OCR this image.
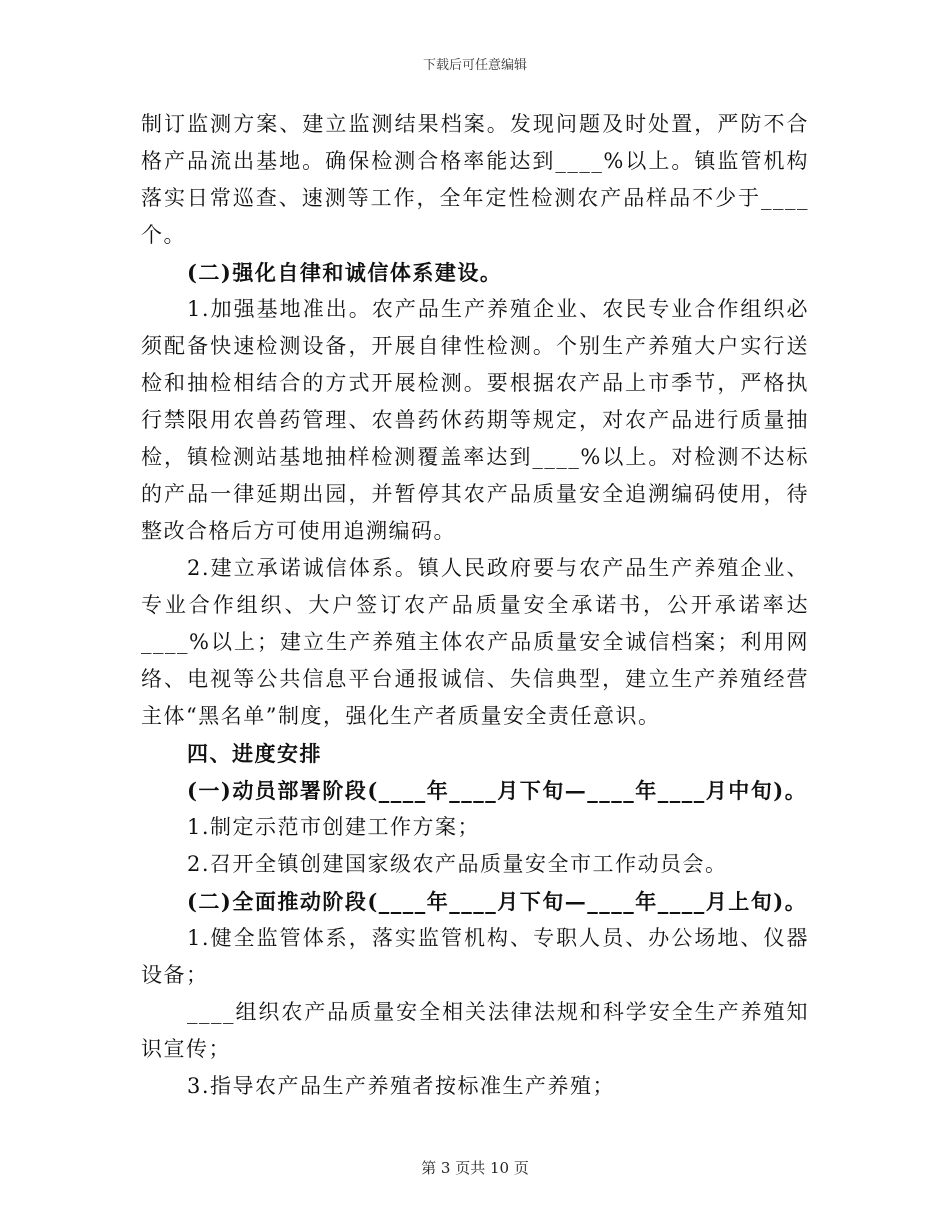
下载后可任意编辑

制订监测方案、建立监测结果档案。发现问题及时处置，严防不合格产品流出基地。确保检测合格率能达到____%以上。镇监管机构落实日常巡查、速测等工作，全年定性检测农产品样品不少于____个。

(二)强化自律和诚信体系建设。

1.加强基地准出。农产品生产养殖企业、农民专业合作组织必须配备快速检测设备，开展自律性检测。个别生产养殖大户实行送检和抽检相结合的方式开展检测。要根据农产品上市季节，严格执行禁限用农兽药管理、农兽药休药期等规定，对农产品进行质量抽检，镇检测站基地抽样检测覆盖率达到____%以上。对检测不达标的产品一律延期出园，并暂停其农产品质量安全追溯编码使用，待整改合格后方可使用追溯编码。

2.建立承诺诚信体系。镇人民政府要与农产品生产养殖企业、专业合作组织、大户签订农产品质量安全承诺书，公开承诺率达____%以上；建立生产养殖主体农产品质量安全诚信档案；利用网络、电视等公共信息平台通报诚信、失信典型，建立生产养殖经营主体“黑名单”制度，强化生产者质量安全责任意识。

四、进度安排

(一)动员部署阶段(____年____月下旬—____年____月中旬)。

1.制定示范市创建工作方案；

2.召开全镇创建国家级农产品质量安全市工作动员会。

(二)全面推动阶段(____年____月下旬—____年____月上旬)。

1.健全监管体系，落实监管机构、专职人员、办公场地、仪器设备；

____组织农产品质量安全相关法律法规和科学安全生产养殖知识宣传；

3.指导农产品生产养殖者按标准生产养殖；

第 3 页共 10 页
